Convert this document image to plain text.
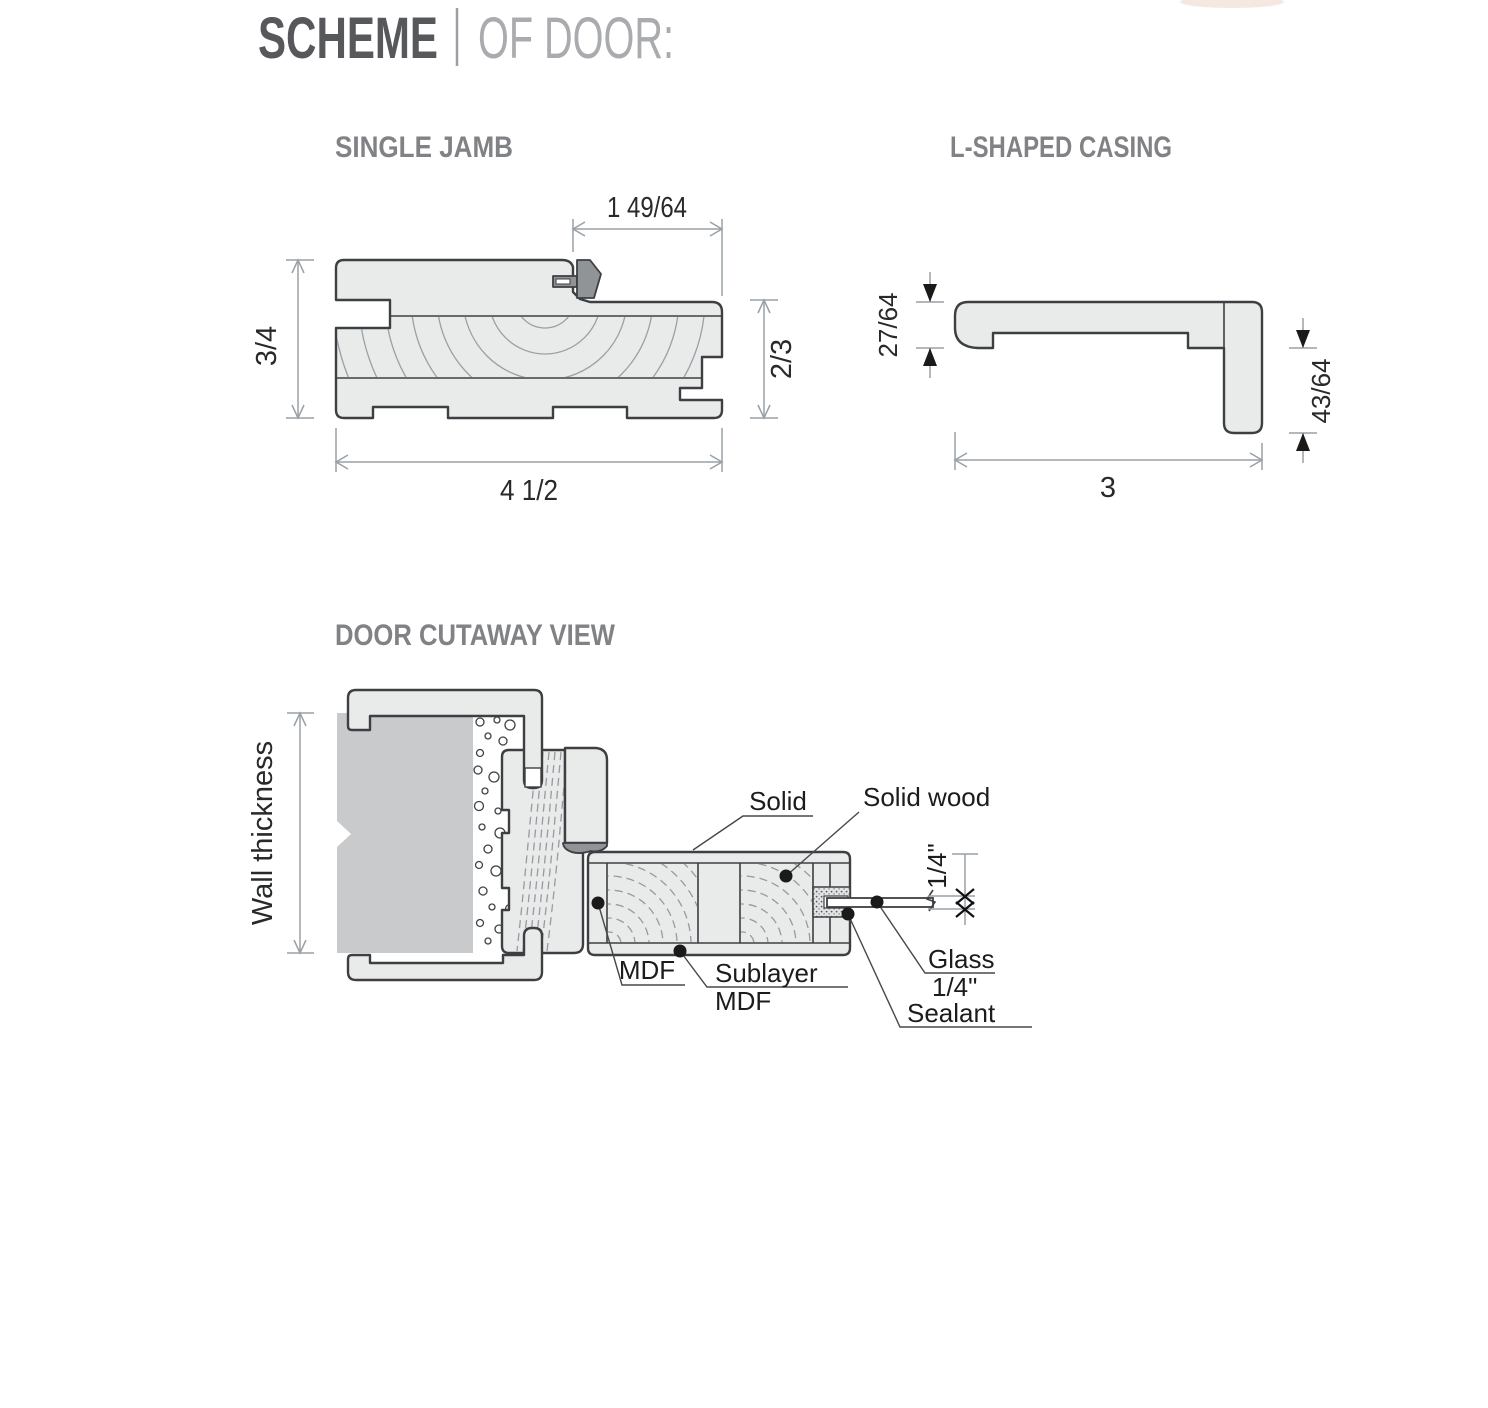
SCHEME OF DOOR:
SINGLE JAMB
1 49/64
3/4	2/3
4 1/2
L-SHAPED CASING
27/64
43/64
3
DOOR CUTAWAY VIEW
Wall thickness	1/4"
Solid Solid wood
MDF Sublayer
MDF
Glass
1/4"
Sealant
